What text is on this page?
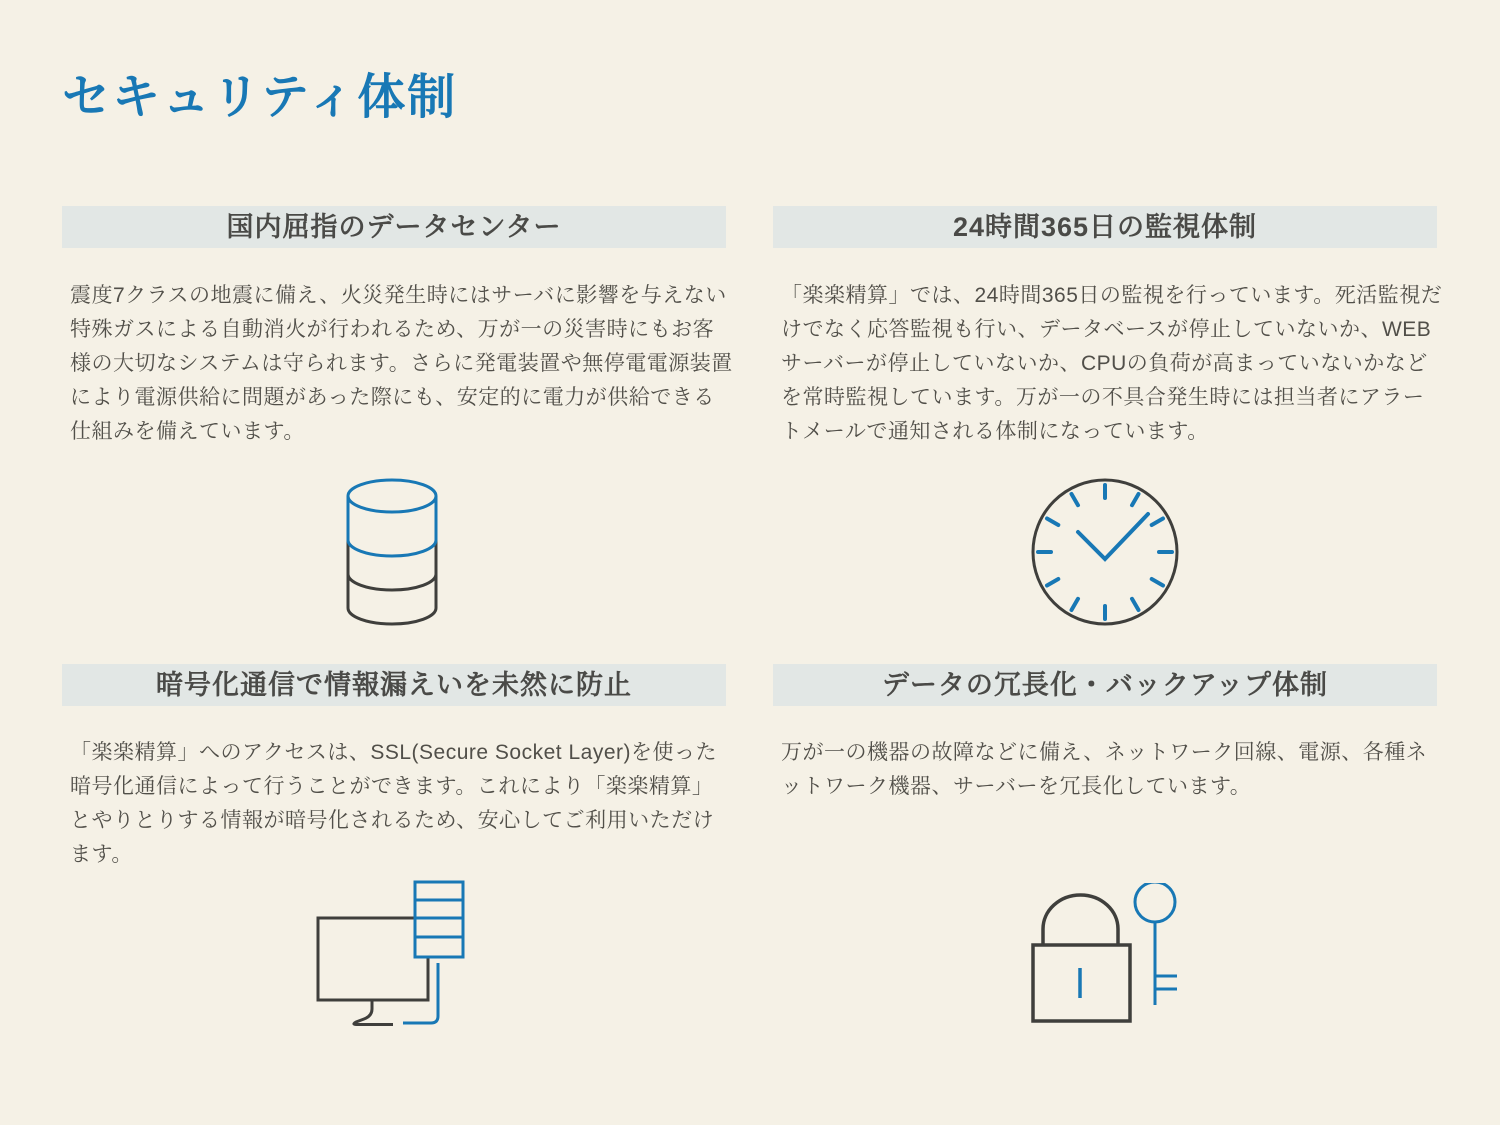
セキュリティ体制
国内屈指のデータセンター

震度7クラスの地震に備え、火災発生時にはサーバに影響を与えない特殊ガスによる自動消火が行われるため、万が一の災害時にもお客様の大切なシステムは守られます。さらに発電装置や無停電電源装置により電源供給に問題があった際にも、安定的に電力が供給できる仕組みを備えています。

24時間365日の監視体制

「楽楽精算」では、24時間365日の監視を行っています。死活監視だけでなく応答監視も行い、データベースが停止していないか、WEBサーバーが停止していないか、CPUの負荷が高まっていないかなどを常時監視しています。万が一の不具合発生時には担当者にアラートメールで通知される体制になっています。

暗号化通信で情報漏えいを未然に防止

「楽楽精算」へのアクセスは、SSL(Secure Socket Layer)を使った暗号化通信によって行うことができます。これにより「楽楽精算」とやりとりする情報が暗号化されるため、安心してご利用いただけます。

データの冗長化・バックアップ体制

万が一の機器の故障などに備え、ネットワーク回線、電源、各種ネットワーク機器、サーバーを冗長化しています。
